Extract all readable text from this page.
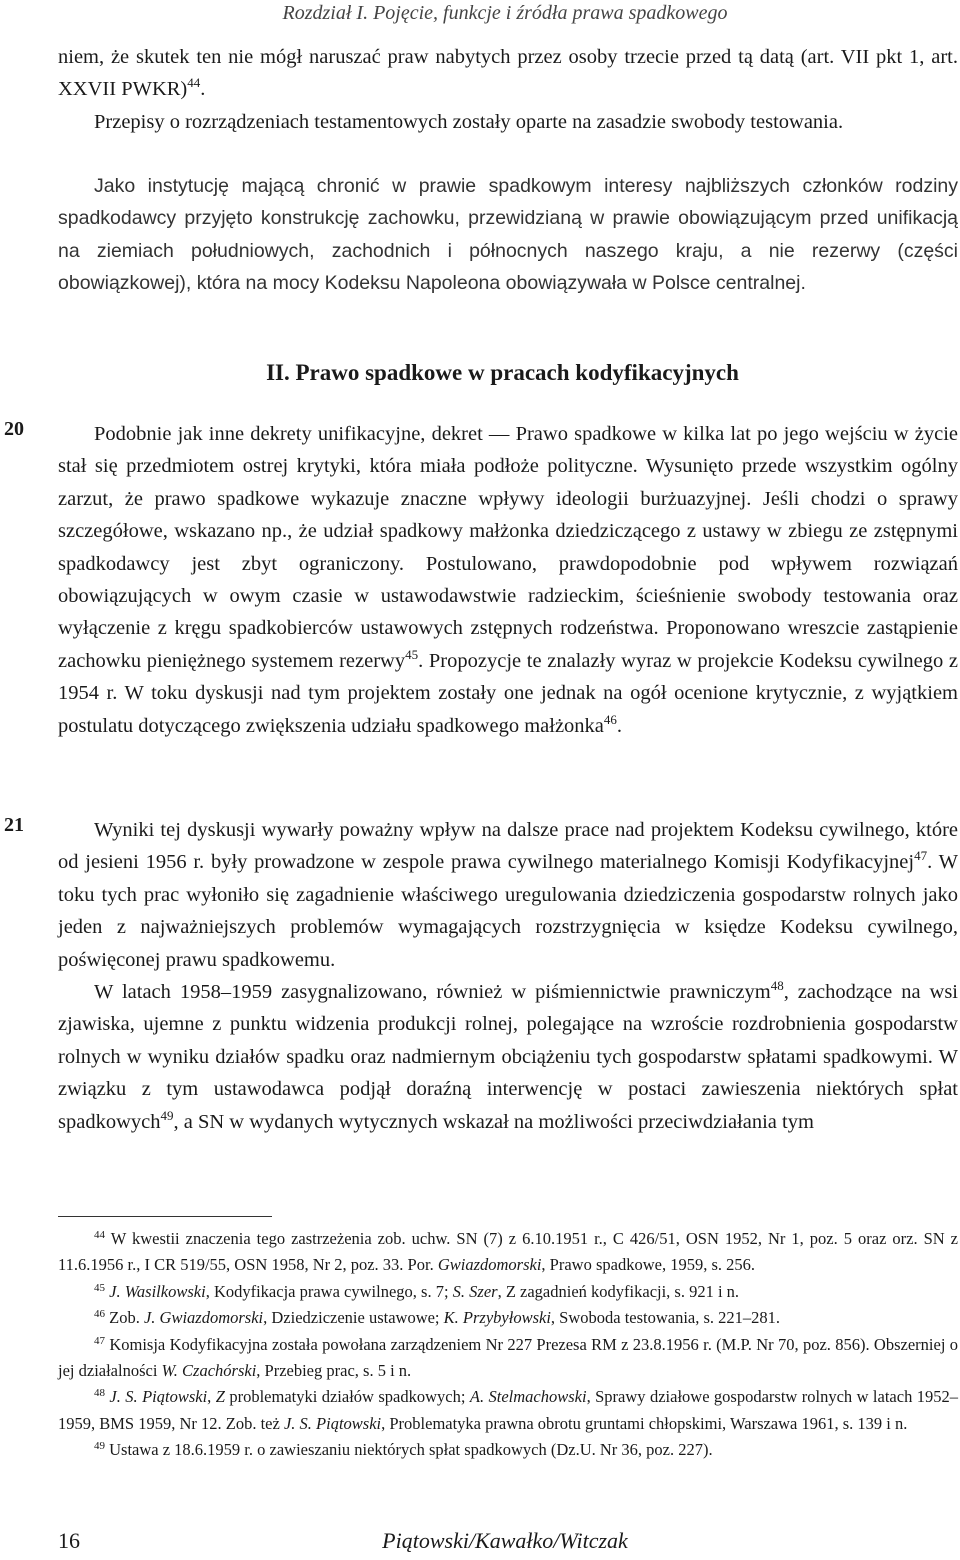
Rozdział I. Pojęcie, funkcje i źródła prawa spadkowego

niem, że skutek ten nie mógł naruszać praw nabytych przez osoby trzecie przed tą datą (art. VII pkt 1, art. XXVII PWKR)$^{44}$.

Przepisy o rozrządzeniach testamentowych zostały oparte na zasadzie swobody testowania.

Jako instytucję mającą chronić w prawie spadkowym interesy najbliższych członków rodziny spadkodawcy przyjęto konstrukcję zachowku, przewidzianą w prawie obowiązującym przed unifikacją na ziemiach południowych, zachodnich i północnych naszego kraju, a nie rezerwy (części obowiązkowej), która na mocy Kodeksu Napoleona obowiązywała w Polsce centralnej.

II. Prawo spadkowe w pracach kodyfikacyjnych
20	Podobnie jak inne dekrety unifikacyjne, dekret — Prawo spadkowe w kilka lat po jego wejściu w życie stał się przedmiotem ostrej krytyki, która miała podłoże polityczne. Wysunięto przede wszystkim ogólny zarzut, że prawo spadkowe wykazuje znaczne wpływy ideologii burżuazyjnej. Jeśli chodzi o sprawy szczegółowe, wskazano np., że udział spadkowy małżonka dziedziczącego z ustawy w zbiegu ze zstępnymi spadkodawcy jest zbyt ograniczony. Postulowano, prawdopodobnie pod wpływem rozwiązań obowiązujących w owym czasie w ustawodawstwie radzieckim, ścieśnienie swobody testowania oraz wyłączenie z kręgu spadkobierców ustawowych zstępnych rodzeństwa. Proponowano wreszcie zastąpienie zachowku pieniężnego systemem rezerwy$^{45}$. Propozycje te znalazły wyraz w projekcie Kodeksu cywilnego z 1954 r. W toku dyskusji nad tym projektem zostały one jednak na ogół ocenione krytycznie, z wyjątkiem postulatu dotyczącego zwiększenia udziału spadkowego małżonka$^{46}$.

21	Wyniki tej dyskusji wywarły poważny wpływ na dalsze prace nad projektem Kodeksu cywilnego, które od jesieni 1956 r. były prowadzone w zespole prawa cywilnego materialnego Komisji Kodyfikacyjnej$^{47}$. W toku tych prac wyłoniło się zagadnienie właściwego uregulowania dziedziczenia gospodarstw rolnych jako jeden z najważniejszych problemów wymagających rozstrzygnięcia w księdze Kodeksu cywilnego, poświęconej prawu spadkowemu.

W latach 1958–1959 zasygnalizowano, również w piśmiennictwie prawniczym$^{48}$, zachodzące na wsi zjawiska, ujemne z punktu widzenia produkcji rolnej, polegające na wzroście rozdrobnienia gospodarstw rolnych w wyniku działów spadku oraz nadmiernym obciążeniu tych gospodarstw spłatami spadkowymi. W związku z tym ustawodawca podjął doraźną interwencję w postaci zawieszenia niektórych spłat spadkowych$^{49}$, a SN w wydanych wytycznych wskazał na możliwości przeciwdziałania tym

$^{44}$ W kwestii znaczenia tego zastrzeżenia zob. uchw. SN (7) z 6.10.1951 r., C 426/51, OSN 1952, Nr 1, poz. 5 oraz orz. SN z 11.6.1956 r., I CR 519/55, OSN 1958, Nr 2, poz. 33. Por. Gwiazdomorski, Prawo spadkowe, 1959, s. 256.

$^{45}$ J. Wasilkowski, Kodyfikacja prawa cywilnego, s. 7; S. Szer, Z zagadnień kodyfikacji, s. 921 i n.

$^{46}$ Zob. J. Gwiazdomorski, Dziedziczenie ustawowe; K. Przybyłowski, Swoboda testowania, s. 221–281.

$^{47}$ Komisja Kodyfikacyjna została powołana zarządzeniem Nr 227 Prezesa RM z 23.8.1956 r. (M.P. Nr 70, poz. 856). Obszerniej o jej działalności W. Czachórski, Przebieg prac, s. 5 i n.

$^{48}$ J. S. Piątowski, Z problematyki działów spadkowych; A. Stelmachowski, Sprawy działowe gospodarstw rolnych w latach 1952–1959, BMS 1959, Nr 12. Zob. też J. S. Piątowski, Problematyka prawna obrotu gruntami chłopskimi, Warszawa 1961, s. 139 i n.

$^{49}$ Ustawa z 18.6.1959 r. o zawieszaniu niektórych spłat spadkowych (Dz.U. Nr 36, poz. 227).

16	Piątowski/Kawałko/Witczak
